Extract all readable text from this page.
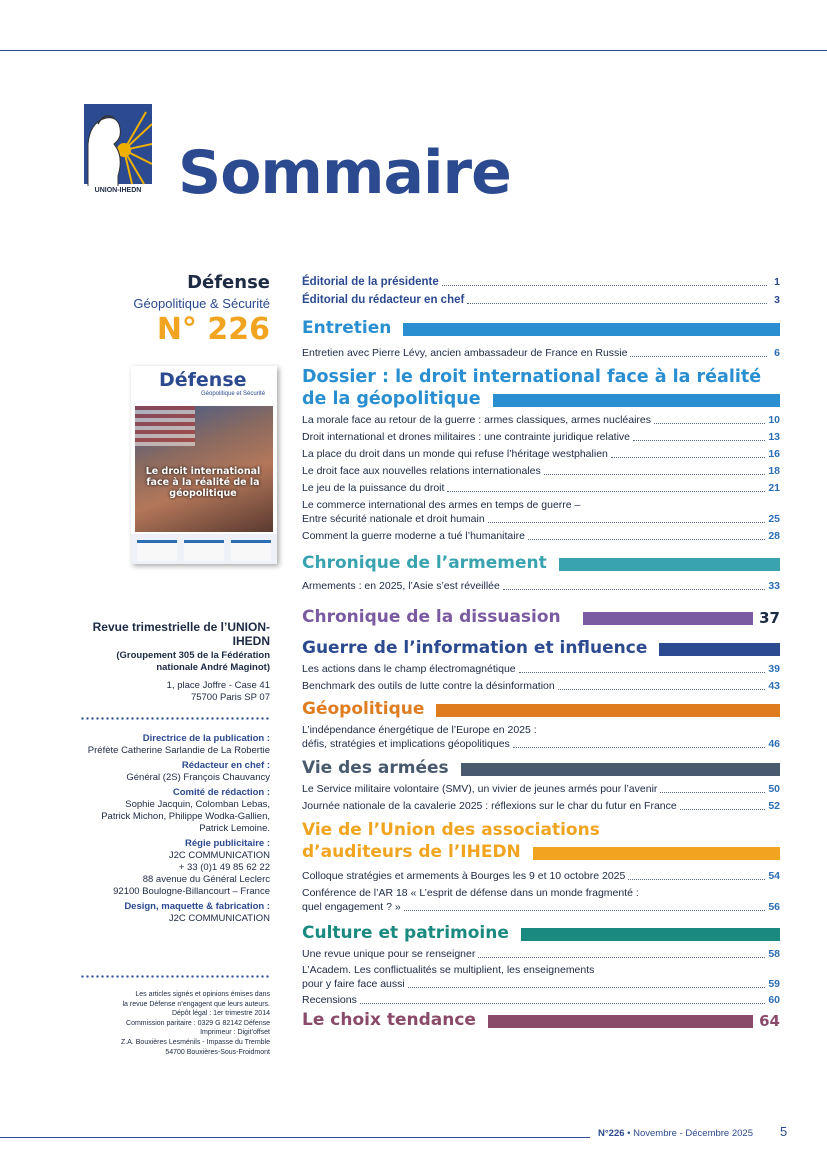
UNION-IHEDN Sommaire
Défense
Géopolitique & Sécurité
N° 226
Défense
Géopolitique et Sécurité
Le droit international face à la réalité de la géopolitique
Revue trimestrielle de l’UNION-IHEDN
(Groupement 305 de la Fédération nationale André Maginot)
1, place Joffre - Case 41
75700 Paris SP 07
Directrice de la publication :
Préfète Catherine Sarlandie de La Robertie
Rédacteur en chef :
Général (2S) François Chauvancy
Comité de rédaction :
Sophie Jacquin, Colomban Lebas,
Patrick Michon, Philippe Wodka-Gallien,
Patrick Lemoine.
Régie publicitaire :
J2C COMMUNICATION
+ 33 (0)1 49 85 62 22
88 avenue du Général Leclerc
92100 Boulogne-Billancourt – France
Design, maquette & fabrication :
J2C COMMUNICATION
Les articles signés et opinions émises dans
la revue Défense n’engagent que leurs auteurs.
Dépôt légal : 1er trimestre 2014
Commission paritaire : 0329 G 82142 Défense
Imprimeur : Digit’offset
Z.A. Bouxières Lesménils - Impasse du Tremble
54700 Bouxières-Sous-Froidmont
Éditorial de la présidente	1
Éditorial du rédacteur en chef	3
Entretien
Entretien avec Pierre Lévy, ancien ambassadeur de France en Russie	6
Dossier : le droit international face à la réalité
de la géopolitique
La morale face au retour de la guerre : armes classiques, armes nucléaires	10
Droit international et drones militaires : une contrainte juridique relative	13
La place du droit dans un monde qui refuse l’héritage westphalien	16
Le droit face aux nouvelles relations internationales	18
Le jeu de la puissance du droit	21
Le commerce international des armes en temps de guerre –
Entre sécurité nationale et droit humain	25
Comment la guerre moderne a tué l’humanitaire	28
Chronique de l’armement
Armements : en 2025, l’Asie s’est réveillée	33
Chronique de la dissuasion	37
Guerre de l’information et influence
Les actions dans le champ électromagnétique	39
Benchmark des outils de lutte contre la désinformation	43
Géopolitique
L’indépendance énergétique de l’Europe en 2025 :
défis, stratégies et implications géopolitiques	46
Vie des armées
Le Service militaire volontaire (SMV), un vivier de jeunes armés pour l’avenir	50
Journée nationale de la cavalerie 2025 : réflexions sur le char du futur en France	52
Vie de l’Union des associations
d’auditeurs de l’IHEDN
Colloque stratégies et armements à Bourges les 9 et 10 octobre 2025	54
Conférence de l’AR 18 « L’esprit de défense dans un monde fragmenté :
quel engagement ? »	56
Culture et patrimoine
Une revue unique pour se renseigner	58
L’Academ. Les conflictualités se multiplient, les enseignements
pour y faire face aussi	59
Recensions	60
Le choix tendance	64
N°226 • Novembre - Décembre 2025 5
